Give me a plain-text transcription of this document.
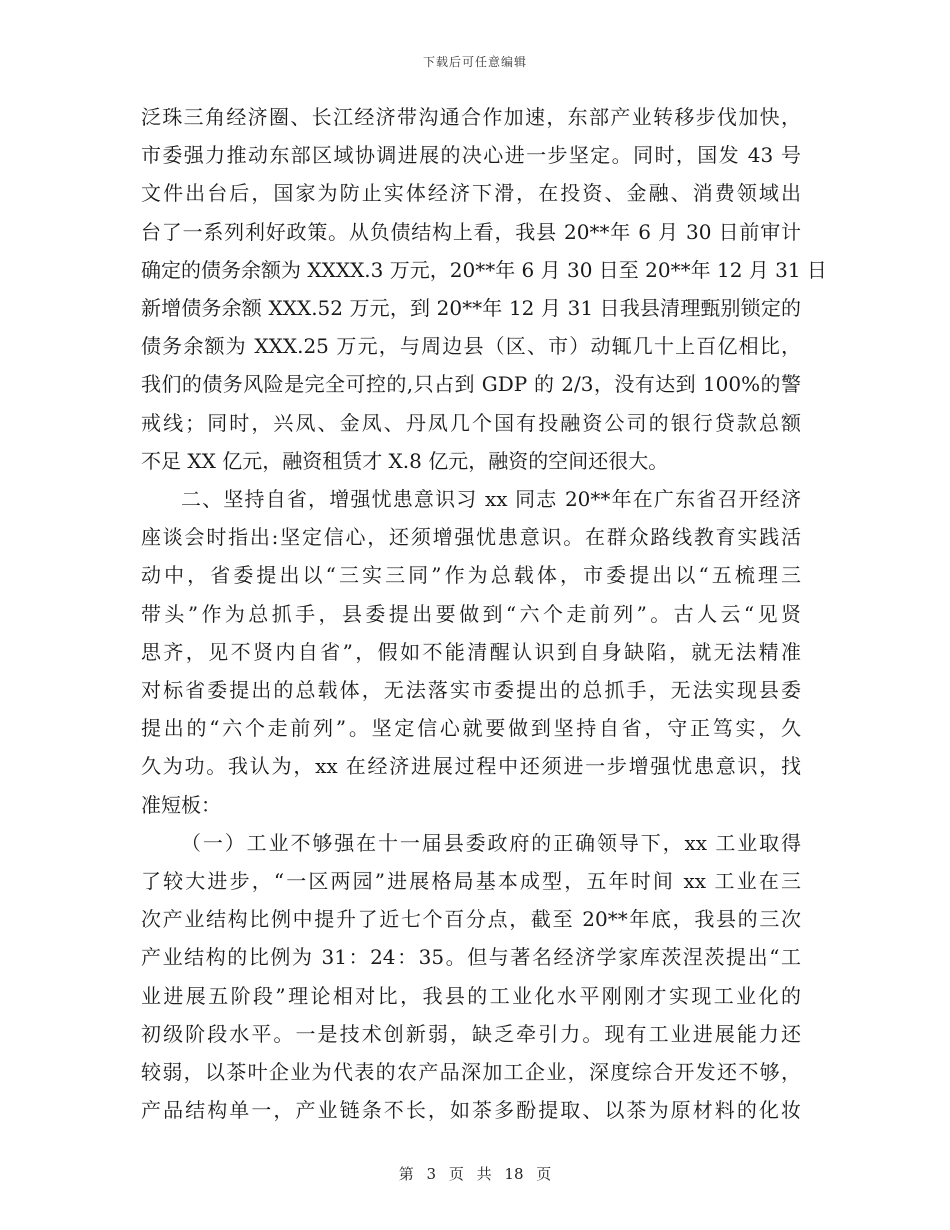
下载后可任意编辑
泛珠三角经济圈、长江经济带沟通合作加速，东部产业转移步伐加快，
市委强力推动东部区域协调进展的决心进一步坚定。同时，国发 43 号
文件出台后，国家为防止实体经济下滑，在投资、金融、消费领域出
台了一系列利好政策。从负债结构上看，我县 20**年 6 月 30 日前审计
确定的债务余额为 XXXX.3 万元，20**年 6 月 30 日至 20**年 12 月 31 日
新增债务余额 XXX.52 万元，到 20**年 12 月 31 日我县清理甄别锁定的
债务余额为 XXX.25 万元，与周边县（区、市）动辄几十上百亿相比，
我们的债务风险是完全可控的,只占到 GDP 的 2/3，没有达到 100%的警
戒线；同时，兴凤、金凤、丹凤几个国有投融资公司的银行贷款总额
不足 XX 亿元，融资租赁才 X.8 亿元，融资的空间还很大。
二、坚持自省，增强忧患意识习 xx 同志 20**年在广东省召开经济
座谈会时指出:坚定信心，还须增强忧患意识。在群众路线教育实践活
动中，省委提出以“三实三同”作为总载体，市委提出以“五梳理三
带头”作为总抓手，县委提出要做到“六个走前列”。古人云“见贤
思齐，见不贤内自省”，假如不能清醒认识到自身缺陷，就无法精准
对标省委提出的总载体，无法落实市委提出的总抓手，无法实现县委
提出的“六个走前列”。坚定信心就要做到坚持自省，守正笃实，久
久为功。我认为，xx 在经济进展过程中还须进一步增强忧患意识，找
准短板：
（一）工业不够强在十一届县委政府的正确领导下，xx 工业取得
了较大进步，“一区两园”进展格局基本成型，五年时间 xx 工业在三
次产业结构比例中提升了近七个百分点，截至 20**年底，我县的三次
产业结构的比例为 31：24：35。但与著名经济学家库茨涅茨提出“工
业进展五阶段”理论相对比，我县的工业化水平刚刚才实现工业化的
初级阶段水平。一是技术创新弱，缺乏牵引力。现有工业进展能力还
较弱，以茶叶企业为代表的农产品深加工企业，深度综合开发还不够，
产品结构单一，产业链条不长，如茶多酚提取、以茶为原材料的化妆
第 3 页 共 18 页
